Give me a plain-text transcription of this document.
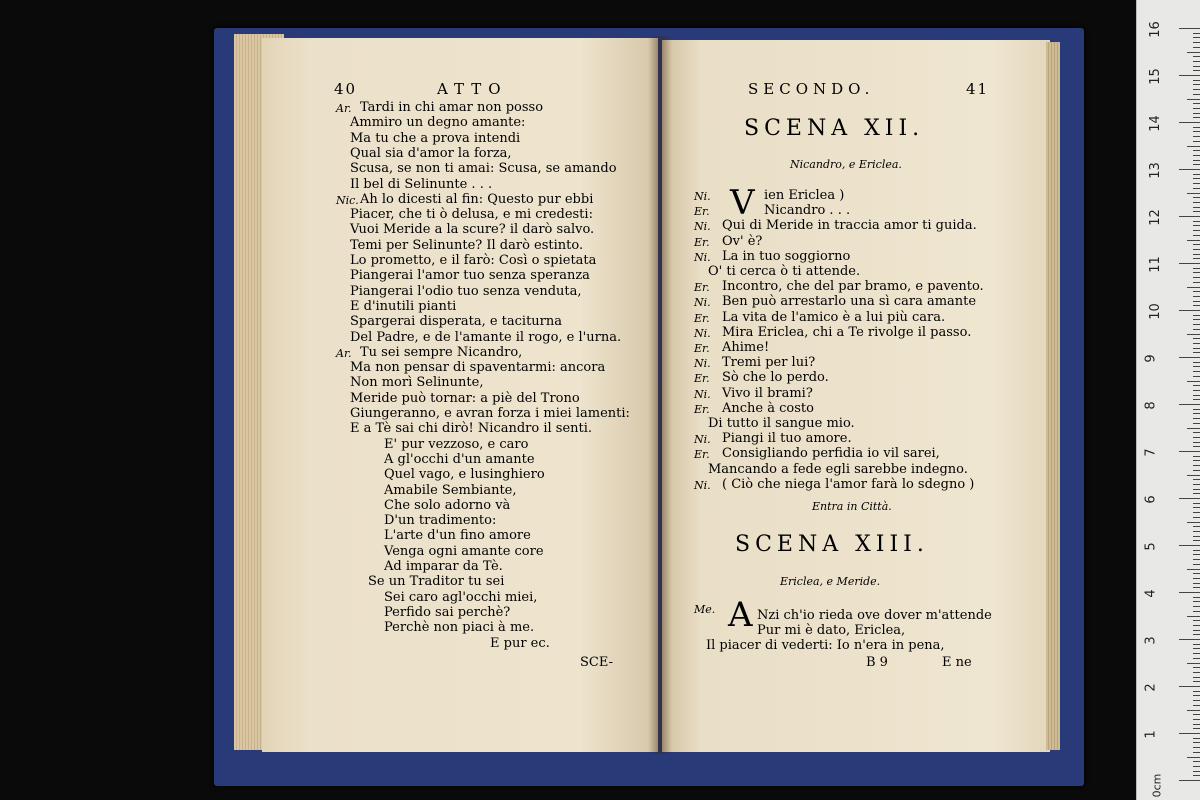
40	ATTO
Ar. Tardi in chi amar non posso
Ammiro un degno amante:
Ma tu che a prova intendi
Qual sia d'amor la forza,
Scusa, se non ti amai: Scusa, se amando
Il bel di Selinunte . . .
Nic. Ah lo dicesti al fin: Questo pur ebbi
Piacer, che ti ò delusa, e mi credesti:
Vuoi Meride a la scure? il darò salvo.
Temi per Selinunte? Il darò estinto.
Lo prometto, e il farò: Così o spietata
Piangerai l'amor tuo senza speranza
Piangerai l'odio tuo senza venduta,
E d'inutili pianti
Spargerai disperata, e taciturna
Del Padre, e de l'amante il rogo, e l'urna.
Ar. Tu sei sempre Nicandro,
Ma non pensar di spaventarmi: ancora
Non morì Selinunte,
Meride può tornar: a piè del Trono
Giungeranno, e avran forza i miei lamenti:
E a Tè sai chi dirò! Nicandro il senti.
E' pur vezzoso, e caro
A gl'occhi d'un amante
Quel vago, e lusinghiero
Amabile Sembiante,
Che solo adorno và
D'un tradimento:
L'arte d'un fino amore
Venga ogni amante core
Ad imparar da Tè.
Se un Traditor tu sei
Sei caro agl'occhi miei,
Perfido sai perchè?
Perchè non piaci à me.
E pur ec.
SCE-
SECONDO.	41
SCENA XII.
Nicandro, e Ericlea.
V
Ni.	ien Ericlea )
Er.	Nicandro . . .
Ni. Qui di Meride in traccia amor ti guida.
Er. Ov' è?
Ni. La in tuo soggiorno
O' ti cerca ò ti attende.
Er. Incontro, che del par bramo, e pavento.
Ni. Ben può arrestarlo una sì cara amante
Er. La vita de l'amico è a lui più cara.
Ni. Mira Ericlea, chi a Te rivolge il passo.
Er. Ahime!
Ni. Tremi per lui?
Er. Sò che lo perdo.
Ni. Vivo il brami?
Er. Anche à costo
Di tutto il sangue mio.
Ni. Piangi il tuo amore.
Er. Consigliando perfidia io vil sarei,
Mancando a fede egli sarebbe indegno.
Ni. ( Ciò che niega l'amor farà lo sdegno )
Entra in Città.
SCENA XIII.
Ericlea, e Meride.
Me. A Nzi ch'io rieda ove dover m'attende
Pur mi è dato, Ericlea,
Il piacer di vederti: Io n'era in pena,
B 9	E ne
0cm
16
15
14
13
12
11
10
9
8
7
6
5
4
3
2
1
